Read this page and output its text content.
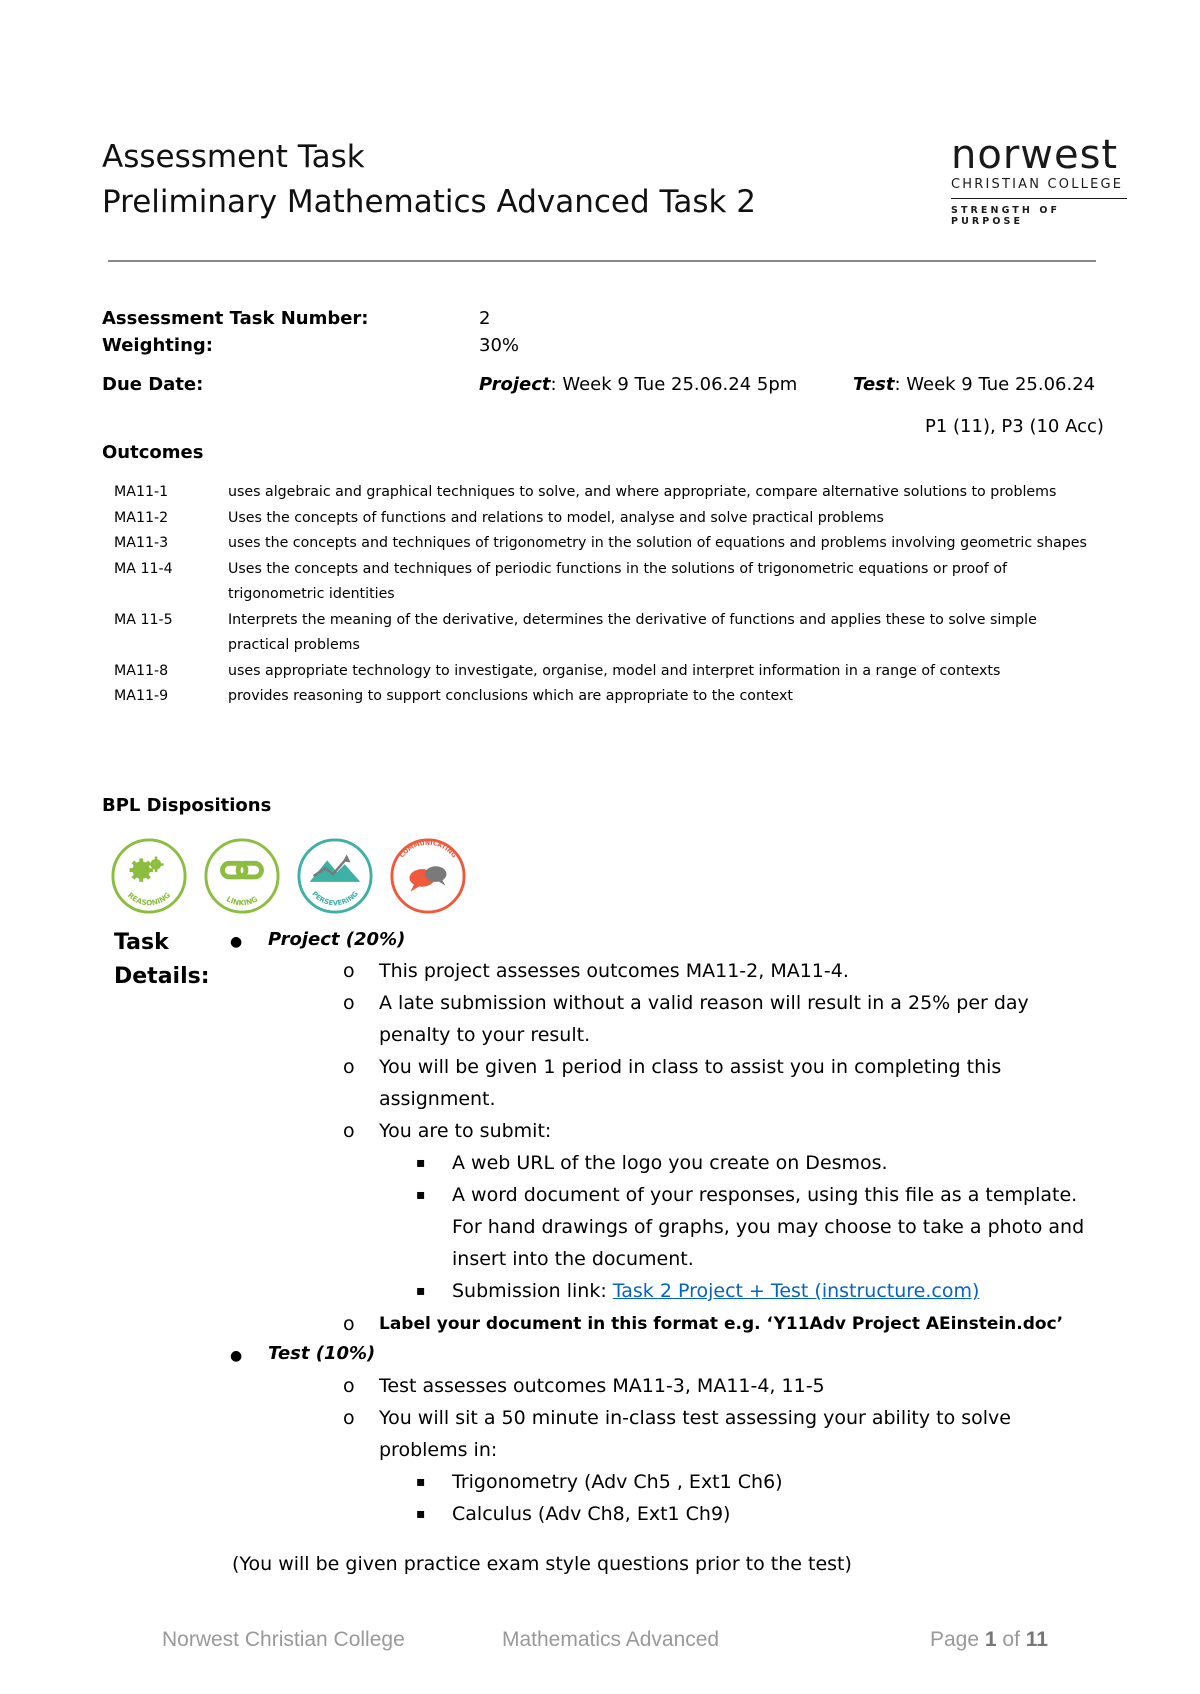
Assessment Task
Preliminary Mathematics Advanced Task 2
norwest
CHRISTIAN COLLEGE
STRENGTH OF PURPOSE
Assessment Task Number:	2
Weighting:	30%
Due Date:	Project: Week 9 Tue 25.06.24 5pm	Test: Week 9 Tue 25.06.24
P1 (11), P3 (10 Acc)
Outcomes
MA11-1	uses algebraic and graphical techniques to solve, and where appropriate, compare alternative solutions to problems
MA11-2	Uses the concepts of functions and relations to model, analyse and solve practical problems
MA11-3	uses the concepts and techniques of trigonometry in the solution of equations and problems involving geometric shapes
MA 11-4	Uses the concepts and techniques of periodic functions in the solutions of trigonometric equations or proof of trigonometric identities
MA 11-5	Interprets the meaning of the derivative, determines the derivative of functions and applies these to solve simple practical problems
MA11-8	uses appropriate technology to investigate, organise, model and interpret information in a range of contexts
MA11-9	provides reasoning to support conclusions which are appropriate to the context
BPL Dispositions
REASONING	LINKING
PERSEVERING
COMMUNICATING
Task
Details:
● Project (20%)
o This project assesses outcomes MA11-2, MA11-4.
o A late submission without a valid reason will result in a 25% per day
penalty to your result.
o You will be given 1 period in class to assist you in completing this
assignment.
o You are to submit:
▪ A web URL of the logo you create on Desmos.
▪ A word document of your responses, using this file as a template.
For hand drawings of graphs, you may choose to take a photo and
insert into the document.
▪ Submission link: Task 2 Project + Test (instructure.com)
o Label your document in this format e.g. ‘Y11Adv Project AEinstein.doc’
● Test (10%)
o Test assesses outcomes MA11-3, MA11-4, 11-5
o You will sit a 50 minute in-class test assessing your ability to solve
problems in:
▪ Trigonometry (Adv Ch5 , Ext1 Ch6)
▪ Calculus (Adv Ch8, Ext1 Ch9)
(You will be given practice exam style questions prior to the test)
Norwest Christian College	Mathematics Advanced	Page 1 of 11
